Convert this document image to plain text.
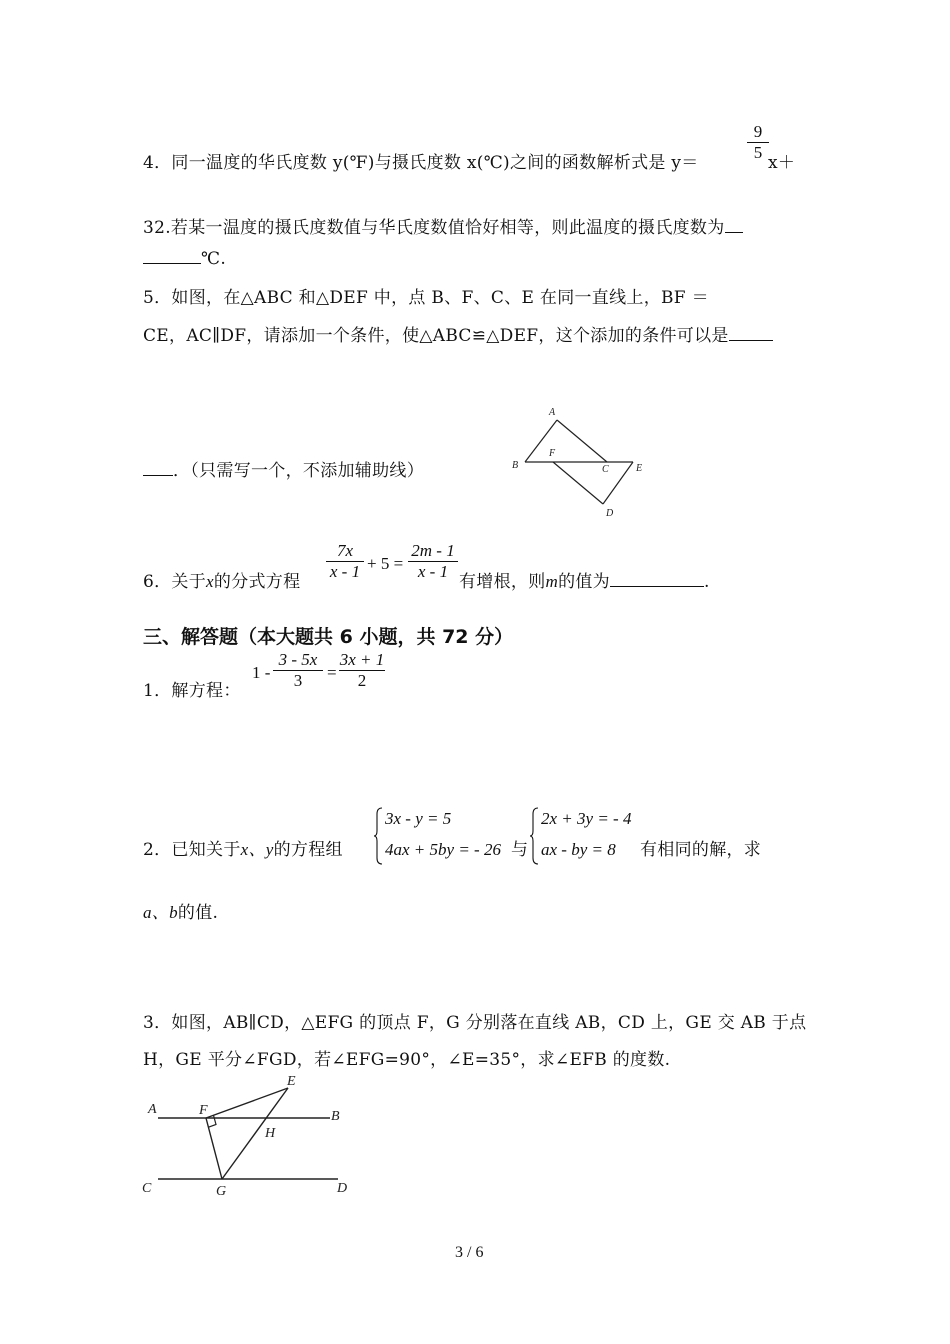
4．同一温度的华氏度数 y(℉)与摄氏度数 x(℃)之间的函数解析式是 y＝	$\frac{9}{5} x+$
32.若某一温度的摄氏度数值与华氏度数值恰好相等，则此温度的摄氏度数为
℃.
5．如图，在△ABC 和△DEF 中，点 B、F、C、E 在同一直线上，BF ＝
CE，AC∥DF，请添加一个条件，使△ABC≌△DEF，这个添加的条件可以是
．（只需写一个，不添加辅助线）
A
B
F
C	E
D
6．关于x的分式方程 $\frac{7x}{x - 1} + 5 = \frac{2m - 1}{x - 1}$ 有增根，则m的值为	.
三、解答题（本大题共 6 小题，共 72 分）
1．解方程：
$1 - \frac{3 - 5x}{3} = \frac{3x + 1}{2}$
2．已知关于x、y的方程组
3x - y = 5
4ax + 5by = - 26 与
2x + 3y = - 4
ax - by = 8 有相同的解，求
a、b的值.
3．如图，AB∥CD，△EFG 的顶点 F，G 分别落在直线 AB，CD 上，GE 交 AB 于点
H，GE 平分∠FGD，若∠EFG=90°，∠E=35°，求∠EFB 的度数.
A	B
C	D
E
F
G
H
3 / 6
